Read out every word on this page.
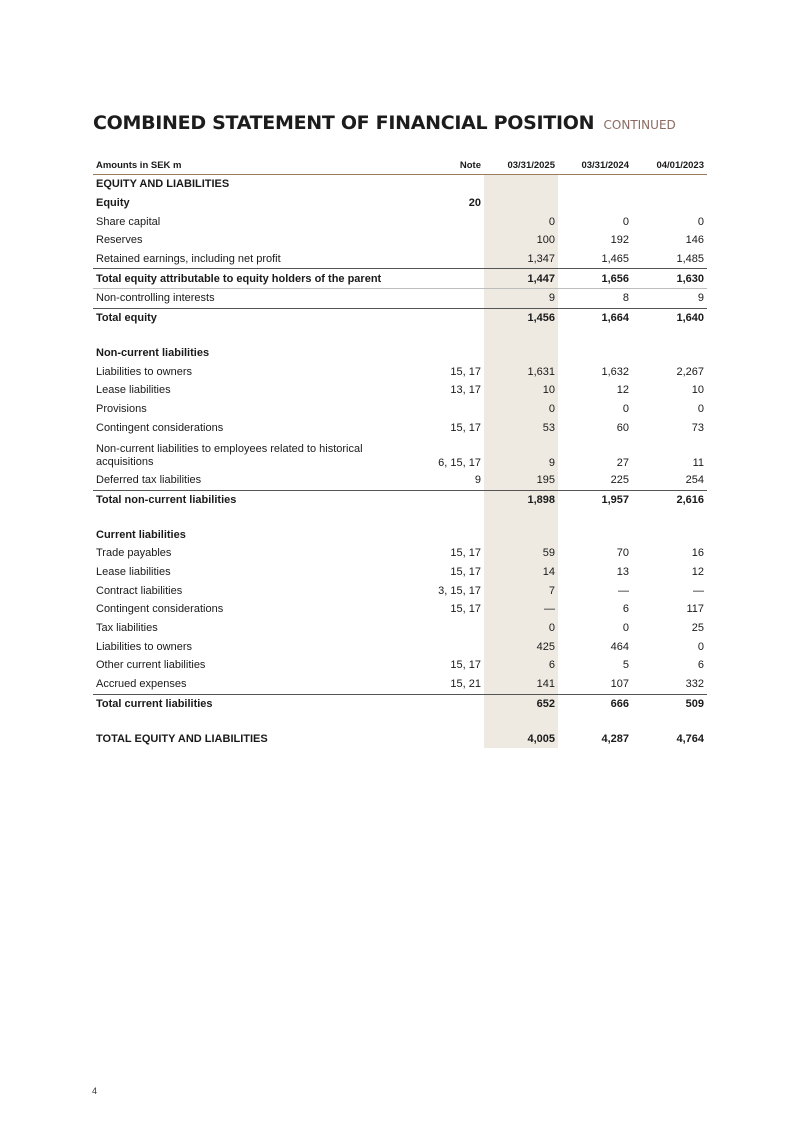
COMBINED STATEMENT OF FINANCIAL POSITION CONTINUED
Amounts in SEK m	Note	03/31/2025	03/31/2024	04/01/2023
EQUITY AND LIABILITIES				
Equity	20			
Share capital		0	0	0
Reserves		100	192	146
Retained earnings, including net profit		1,347	1,465	1,485
Total equity attributable to equity holders of the parent		1,447	1,656	1,630
Non-controlling interests		9	8	9
Total equity		1,456	1,664	1,640

Non-current liabilities				
Liabilities to owners	15, 17	1,631	1,632	2,267
Lease liabilities	13, 17	10	12	10
Provisions		0	0	0
Contingent considerations	15, 17	53	60	73
Non-current liabilities to employees related to historical acquisitions	6, 15, 17	9	27	11
Deferred tax liabilities	9	195	225	254
Total non-current liabilities		1,898	1,957	2,616

Current liabilities				
Trade payables	15, 17	59	70	16
Lease liabilities	15, 17	14	13	12
Contract liabilities	3, 15, 17	7	—	—
Contingent considerations	15, 17	—	6	117
Tax liabilities		0	0	25
Liabilities to owners		425	464	0
Other current liabilities	15, 17	6	5	6
Accrued expenses	15, 21	141	107	332
Total current liabilities		652	666	509

TOTAL EQUITY AND LIABILITIES		4,005	4,287	4,764
4
